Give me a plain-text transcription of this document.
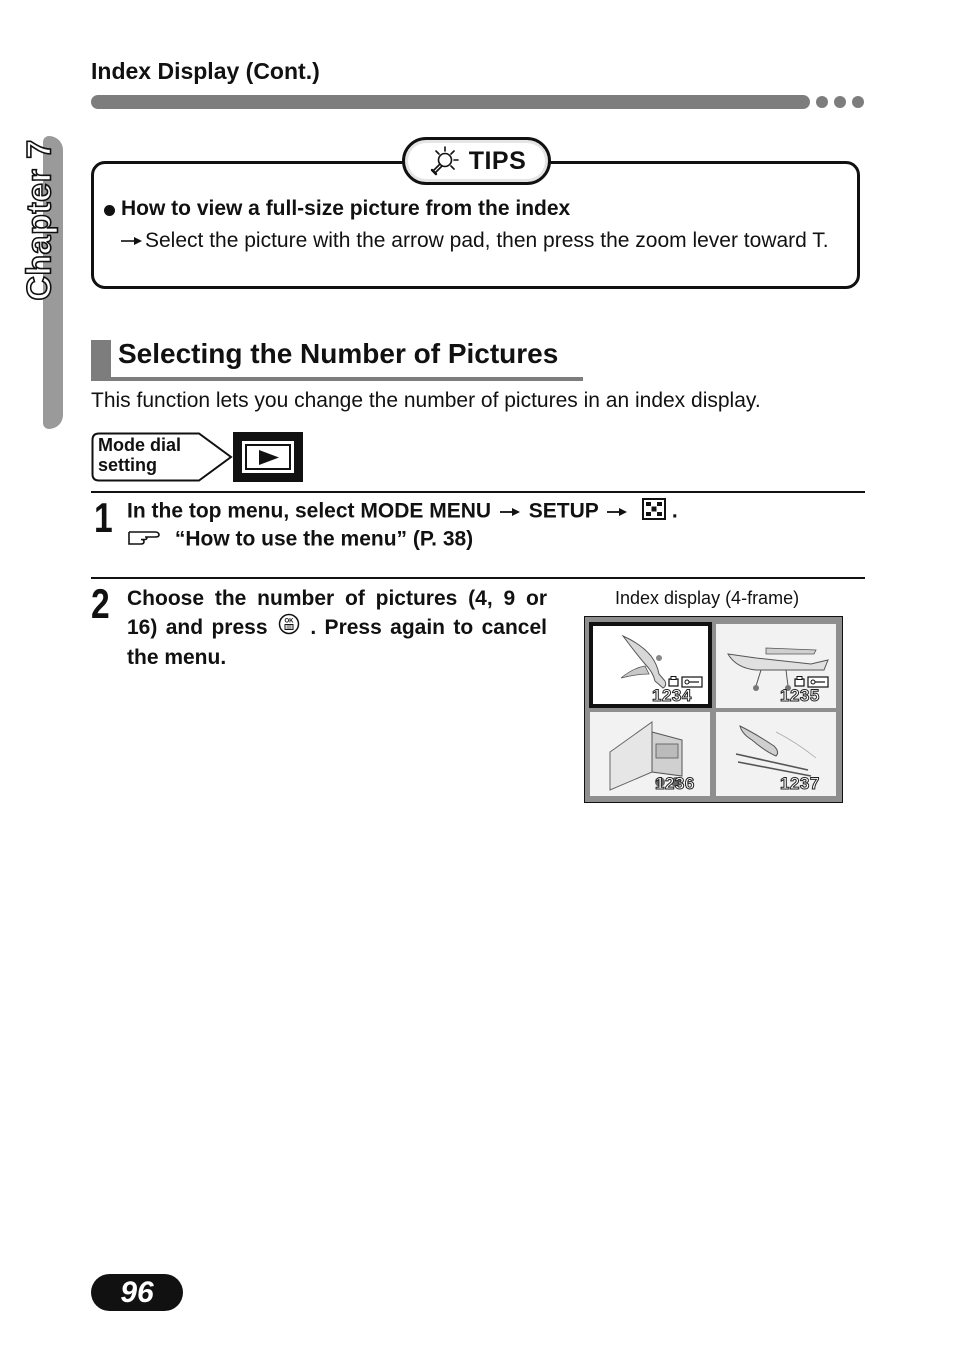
Index Display (Cont.)
Chapter 7	TIPS
How to view a full-size picture from the index
Select the picture with the arrow pad, then press the zoom lever toward T.
Selecting the Number of Pictures
This function lets you change the number of pictures in an index display.
Mode dial
setting
1 In the top menu, select MODE MENU SETUP	.
“How to use the menu” (P. 38)
2 Choose the number of pictures (4, 9 or 16) and press	OK . Press again to cancel the menu.
Index display (4-frame)
1234	1235
1236	1237
96
